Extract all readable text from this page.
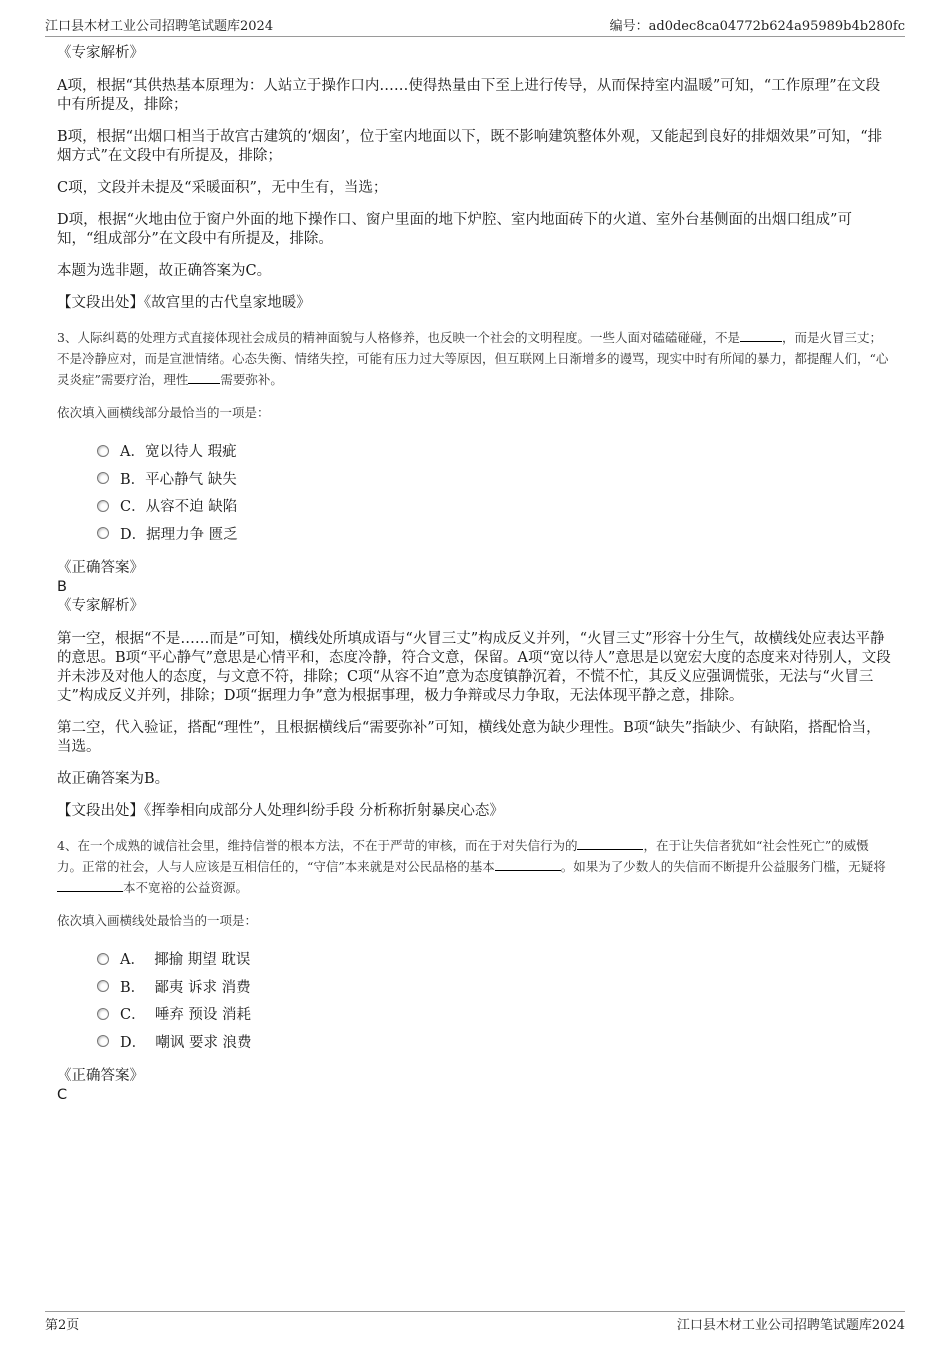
江口县木材工业公司招聘笔试题库2024	编号：ad0dec8ca04772b624a95989b4b280fc

《专家解析》

A项，根据“其供热基本原理为：人站立于操作口内……使得热量由下至上进行传导，从而保持室内温暖”可知，“工作原理”在文段中有所提及，排除；

B项，根据“出烟口相当于故宫古建筑的‘烟囱’，位于室内地面以下，既不影响建筑整体外观，又能起到良好的排烟效果”可知，“排烟方式”在文段中有所提及，排除；

C项，文段并未提及“采暖面积”，无中生有，当选；

D项，根据“火地由位于窗户外面的地下操作口、窗户里面的地下炉腔、室内地面砖下的火道、室外台基侧面的出烟口组成”可知，“组成部分”在文段中有所提及，排除。

本题为选非题，故正确答案为C。

【文段出处】《故宫里的古代皇家地暖》

3、人际纠葛的处理方式直接体现社会成员的精神面貌与人格修养，也反映一个社会的文明程度。一些人面对磕磕碰碰，不是	，而是火冒三丈；不是冷静应对，而是宣泄情绪。心态失衡、情绪失控，可能有压力过大等原因，但互联网上日渐增多的谩骂，现实中时有所闻的暴力，都提醒人们，“心灵炎症”需要疗治，理性	需要弥补。

依次填入画横线部分最恰当的一项是：

A．宽以待人 瑕疵
B．平心静气 缺失
C．从容不迫 缺陷
D．据理力争 匮乏

《正确答案》

B

《专家解析》

第一空，根据“不是……而是”可知，横线处所填成语与“火冒三丈”构成反义并列，“火冒三丈”形容十分生气，故横线处应表达平静的意思。B项“平心静气”意思是心情平和，态度冷静，符合文意，保留。A项“宽以待人”意思是以宽宏大度的态度来对待别人，文段并未涉及对他人的态度，与文意不符，排除；C项“从容不迫”意为态度镇静沉着，不慌不忙，其反义应强调慌张，无法与“火冒三丈”构成反义并列，排除；D项“据理力争”意为根据事理，极力争辩或尽力争取，无法体现平静之意，排除。

第二空，代入验证，搭配“理性”，且根据横线后“需要弥补”可知，横线处意为缺少理性。B项“缺失”指缺少、有缺陷，搭配恰当，当选。

故正确答案为B。

【文段出处】《挥拳相向成部分人处理纠纷手段 分析称折射暴戾心态》

4、在一个成熟的诚信社会里，维持信誉的根本方法，不在于严苛的审核，而在于对失信行为的	，在于让失信者犹如“社会性死亡”的威慑力。正常的社会，人与人应该是互相信任的，“守信”本来就是对公民品格的基本	。如果为了少数人的失信而不断提升公益服务门槛，无疑将本不宽裕的公益资源。

依次填入画横线处最恰当的一项是：

A．  揶揄 期望 耽误
B．  鄙夷 诉求 消费
C．  唾弃 预设 消耗
D．  嘲讽 要求 浪费

《正确答案》

C

第2页	江口县木材工业公司招聘笔试题库2024
